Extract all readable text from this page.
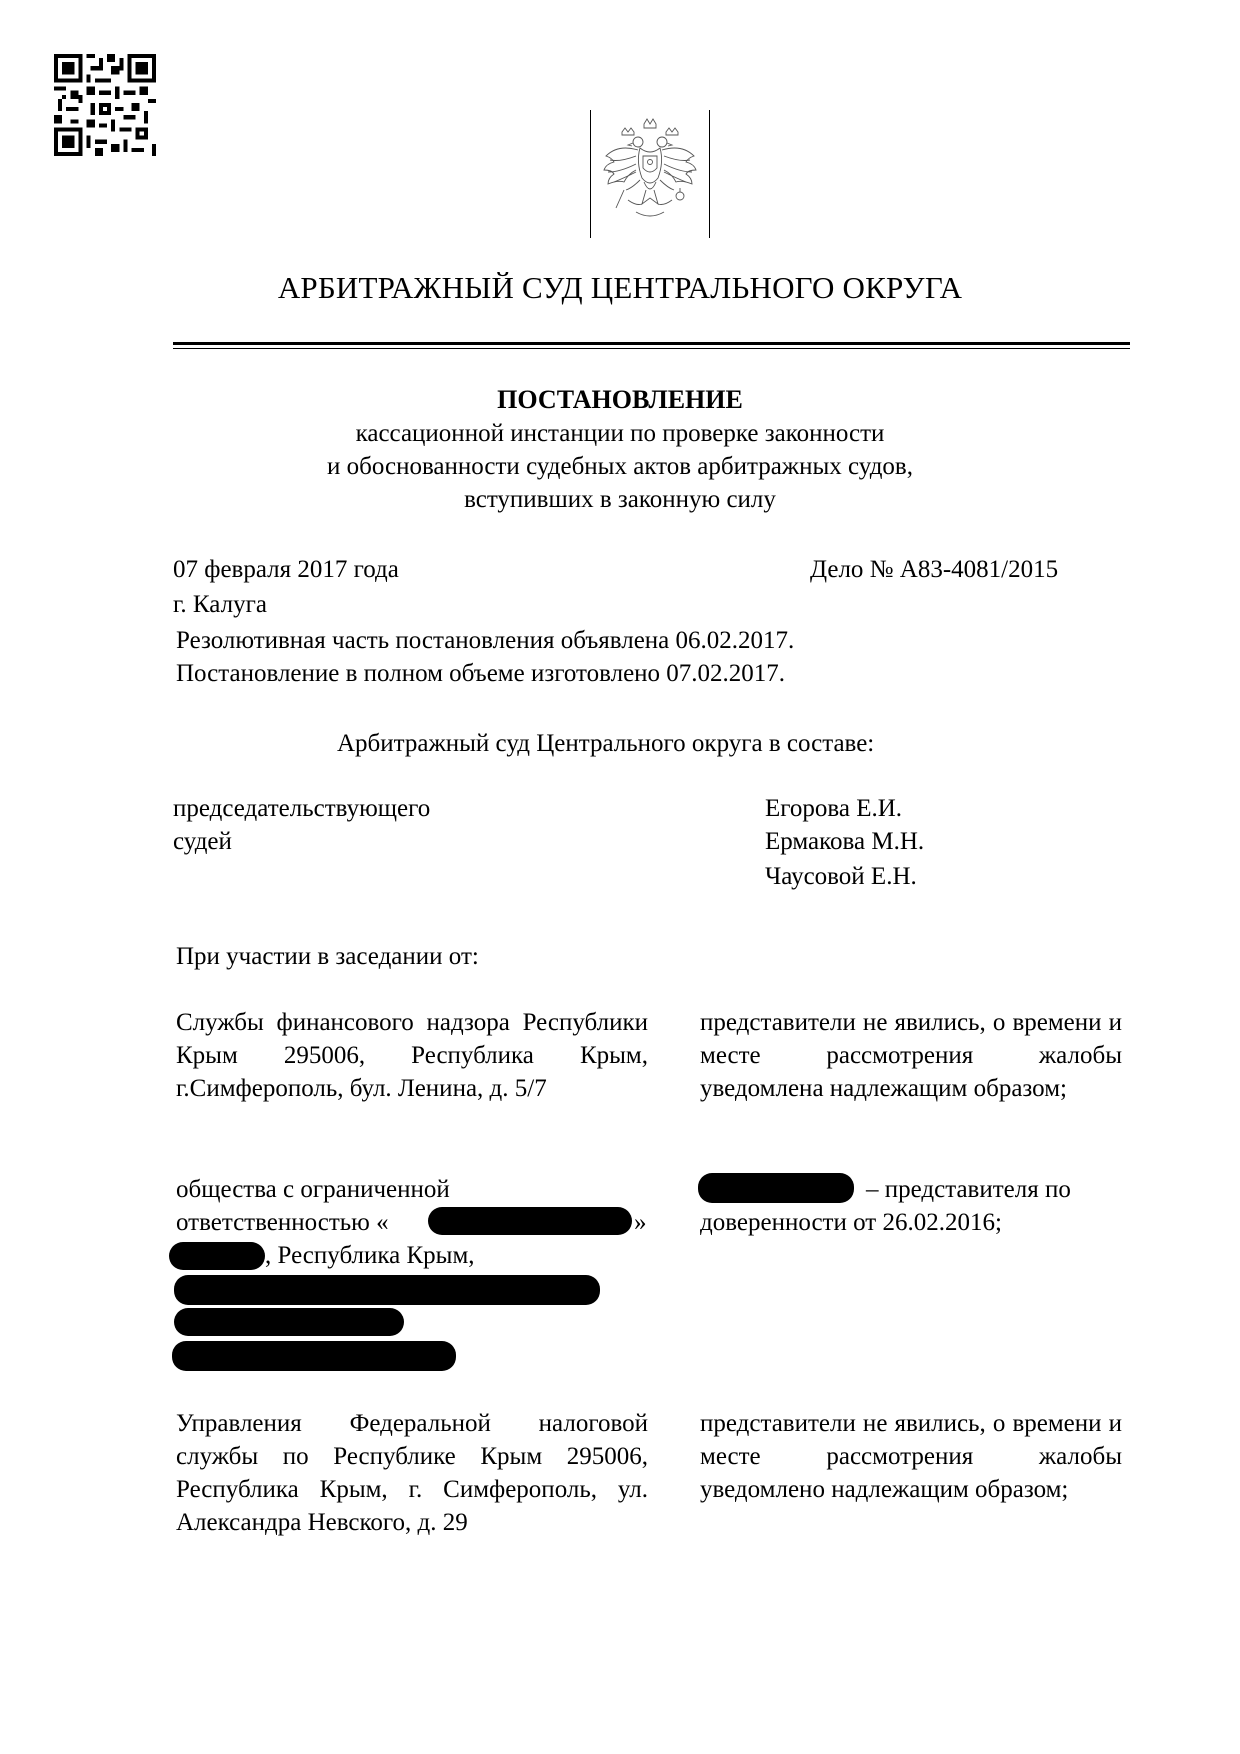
АРБИТРАЖНЫЙ СУД ЦЕНТРАЛЬНОГО ОКРУГА
ПОСТАНОВЛЕНИЕ
кассационной инстанции по проверке законности
и обоснованности судебных актов арбитражных судов,
вступивших в законную силу
07 февраля 2017 года	Дело № А83-4081/2015
г. Калуга
Резолютивная часть постановления объявлена 06.02.2017.
Постановление в полном объеме изготовлено 07.02.2017.
Арбитражный суд Центрального округа в составе:
председательствующего
судей
Егорова Е.И.
Ермакова М.Н.
Чаусовой Е.Н.
При участии в заседании от:
Службы финансового надзора Республики Крым 295006, Республика Крым, г.Симферополь, бул. Ленина, д. 5/7
представители не явились, о времени и месте рассмотрения жалобы уведомлена надлежащим образом;
общества с ограниченной
ответственностью «	»
, Республика Крым,
– представителя по
доверенности от 26.02.2016;
Управления Федеральной налоговой службы по Республике Крым 295006, Республика Крым, г. Симферополь, ул. Александра Невского, д. 29
представители не явились, о времени и месте рассмотрения жалобы уведомлено надлежащим образом;
